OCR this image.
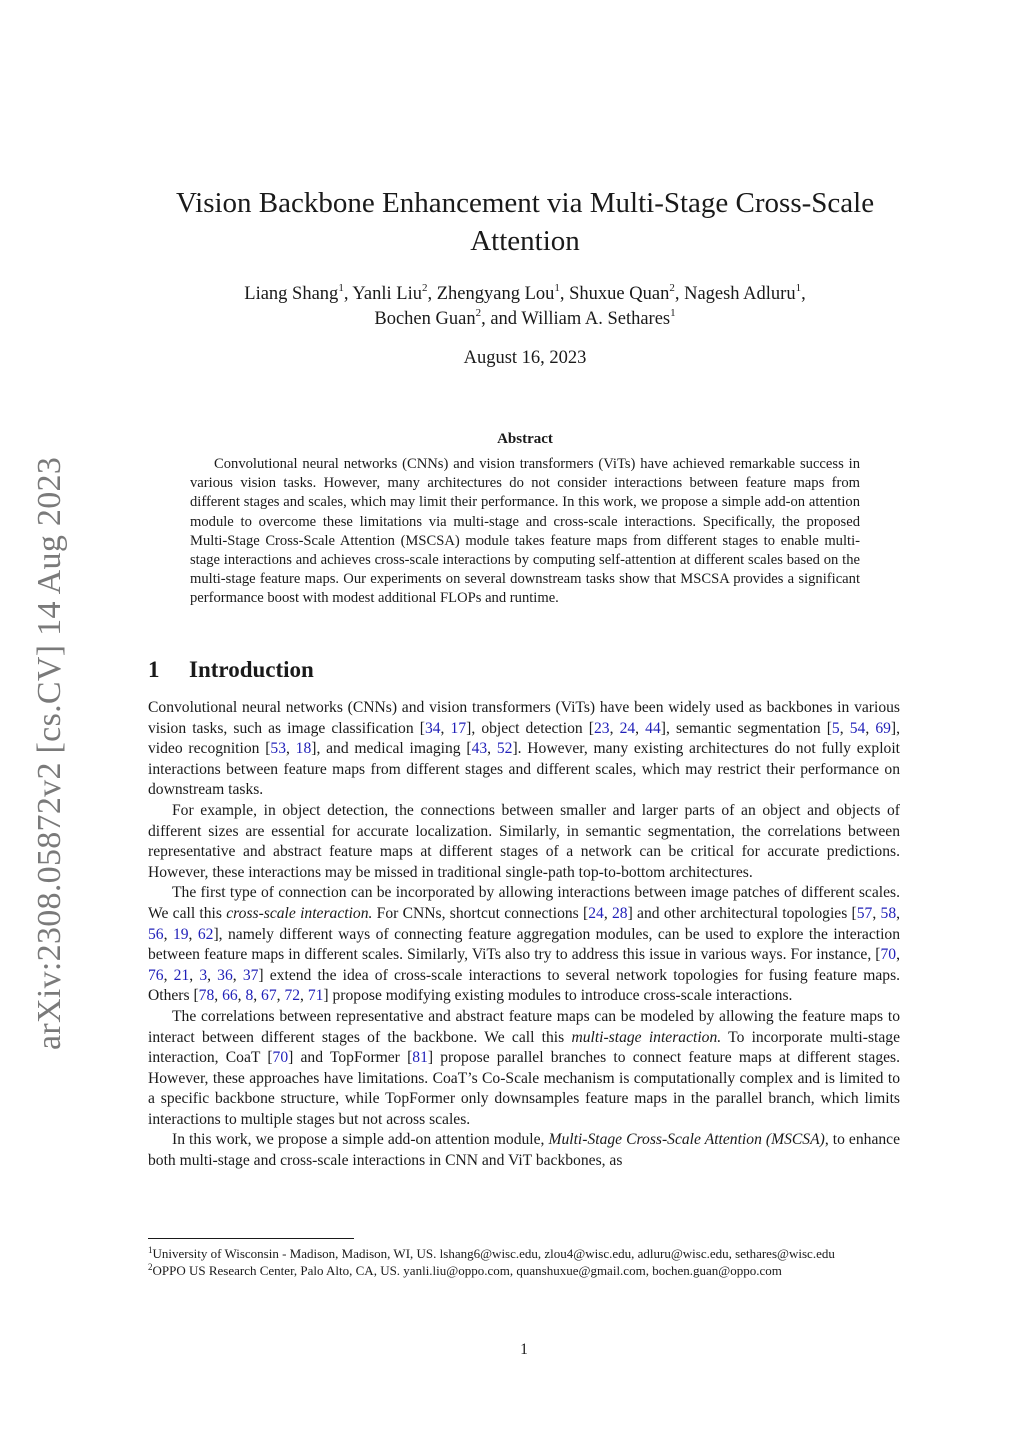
arXiv:2308.05872v2 [cs.CV] 14 Aug 2023
Vision Backbone Enhancement via Multi-Stage Cross-Scale Attention
Liang Shang$^1$, Yanli Liu$^2$, Zhengyang Lou$^1$, Shuxue Quan$^2$, Nagesh Adluru$^1$,
Bochen Guan$^2$, and William A. Sethares$^1$
August 16, 2023
Abstract

Convolutional neural networks (CNNs) and vision transformers (ViTs) have achieved remarkable success in various vision tasks. However, many architectures do not consider interactions between feature maps from different stages and scales, which may limit their performance. In this work, we propose a simple add-on attention module to overcome these limitations via multi-stage and cross-scale interactions. Specifically, the proposed Multi-Stage Cross-Scale Attention (MSCSA) module takes feature maps from different stages to enable multi-stage interactions and achieves cross-scale interactions by computing self-attention at different scales based on the multi-stage feature maps. Our experiments on several downstream tasks show that MSCSA provides a significant performance boost with modest additional FLOPs and runtime.

1 Introduction

Convolutional neural networks (CNNs) and vision transformers (ViTs) have been widely used as backbones in various vision tasks, such as image classification [34, 17], object detection [23, 24, 44], semantic segmentation [5, 54, 69], video recognition [53, 18], and medical imaging [43, 52]. However, many existing architectures do not fully exploit interactions between feature maps from different stages and different scales, which may restrict their performance on downstream tasks.

For example, in object detection, the connections between smaller and larger parts of an object and objects of different sizes are essential for accurate localization. Similarly, in semantic segmentation, the correlations between representative and abstract feature maps at different stages of a network can be critical for accurate predictions. However, these interactions may be missed in traditional single-path top-to-bottom architectures.

The first type of connection can be incorporated by allowing interactions between image patches of different scales. We call this cross-scale interaction. For CNNs, shortcut connections [24, 28] and other architectural topologies [57, 58, 56, 19, 62], namely different ways of connecting feature aggregation modules, can be used to explore the interaction between feature maps in different scales. Similarly, ViTs also try to address this issue in various ways. For instance, [70, 76, 21, 3, 36, 37] extend the idea of cross-scale interactions to several network topologies for fusing feature maps. Others [78, 66, 8, 67, 72, 71] propose modifying existing modules to introduce cross-scale interactions.

The correlations between representative and abstract feature maps can be modeled by allowing the feature maps to interact between different stages of the backbone. We call this multi-stage interaction. To incorporate multi-stage interaction, CoaT [70] and TopFormer [81] propose parallel branches to connect feature maps at different stages. However, these approaches have limitations. CoaT’s Co-Scale mechanism is computationally complex and is limited to a specific backbone structure, while TopFormer only downsamples feature maps in the parallel branch, which limits interactions to multiple stages but not across scales.

In this work, we propose a simple add-on attention module, Multi-Stage Cross-Scale Attention (MSCSA), to enhance both multi-stage and cross-scale interactions in CNN and ViT backbones, as

$^1$University of Wisconsin - Madison, Madison, WI, US. lshang6@wisc.edu, zlou4@wisc.edu, adluru@wisc.edu, sethares@wisc.edu

$^2$OPPO US Research Center, Palo Alto, CA, US. yanli.liu@oppo.com, quanshuxue@gmail.com, bochen.guan@oppo.com

1
